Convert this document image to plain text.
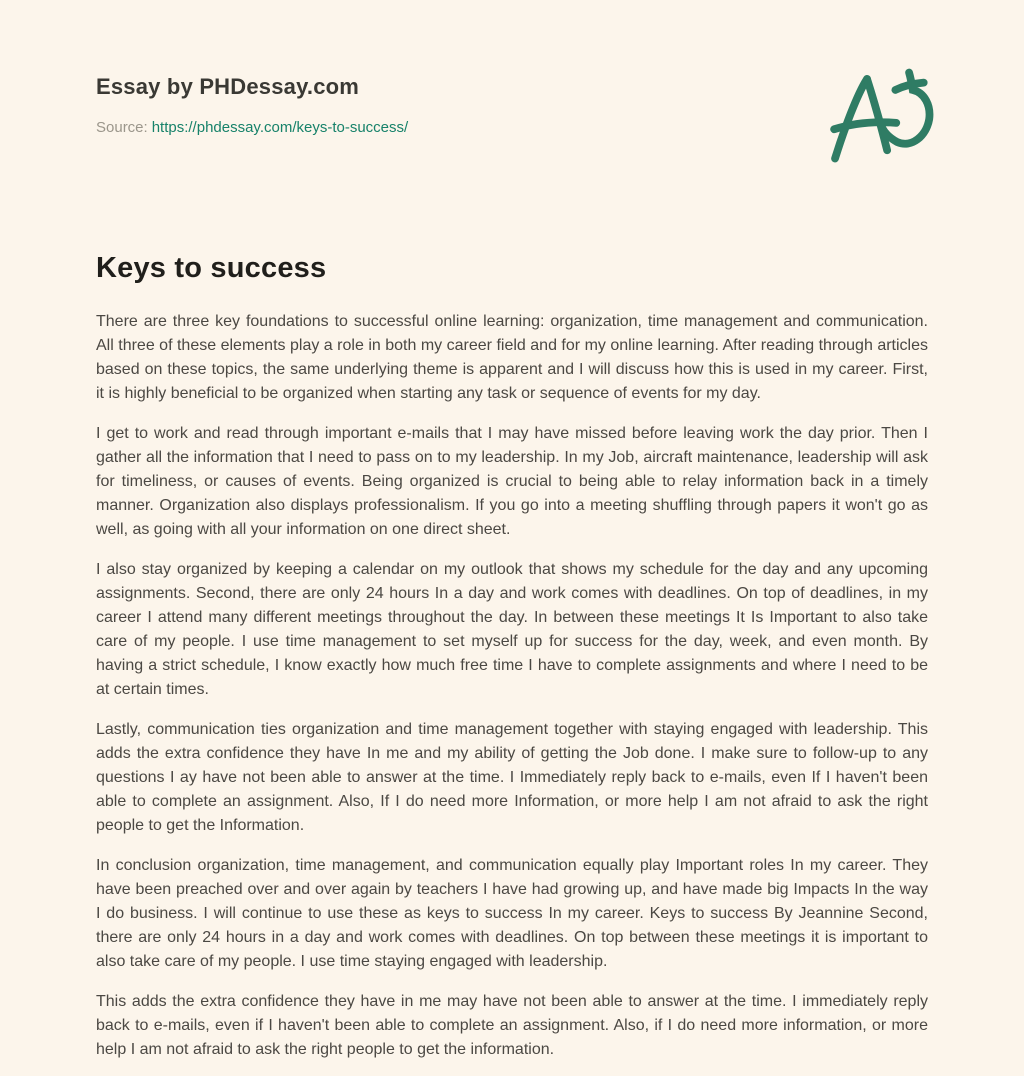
Essay by PHDessay.com
Source: https://phdessay.com/keys-to-success/
Keys to success

There are three key foundations to successful online learning: organization, time management and communication. All three of these elements play a role in both my career field and for my online learning. After reading through articles based on these topics, the same underlying theme is apparent and I will discuss how this is used in my career. First, it is highly beneficial to be organized when starting any task or sequence of events for my day.

I get to work and read through important e-mails that I may have missed before leaving work the day prior. Then I gather all the information that I need to pass on to my leadership. In my Job, aircraft maintenance, leadership will ask for timeliness, or causes of events. Being organized is crucial to being able to relay information back in a timely manner. Organization also displays professionalism. If you go into a meeting shuffling through papers it won't go as well, as going with all your information on one direct sheet.

I also stay organized by keeping a calendar on my outlook that shows my schedule for the day and any upcoming assignments. Second, there are only 24 hours In a day and work comes with deadlines. On top of deadlines, in my career I attend many different meetings throughout the day. In between these meetings It Is Important to also take care of my people. I use time management to set myself up for success for the day, week, and even month. By having a strict schedule, I know exactly how much free time I have to complete assignments and where I need to be at certain times.

Lastly, communication ties organization and time management together with staying engaged with leadership. This adds the extra confidence they have In me and my ability of getting the Job done. I make sure to follow-up to any questions I ay have not been able to answer at the time. I Immediately reply back to e-mails, even If I haven't been able to complete an assignment. Also, If I do need more Information, or more help I am not afraid to ask the right people to get the Information.

In conclusion organization, time management, and communication equally play Important roles In my career. They have been preached over and over again by teachers I have had growing up, and have made big Impacts In the way I do business. I will continue to use these as keys to success In my career. Keys to success By Jeannine Second, there are only 24 hours in a day and work comes with deadlines. On top between these meetings it is important to also take care of my people. I use time staying engaged with leadership.

This adds the extra confidence they have in me may have not been able to answer at the time. I immediately reply back to e-mails, even if I haven't been able to complete an assignment. Also, if I do need more information, or more help I am not afraid to ask the right people to get the information.
